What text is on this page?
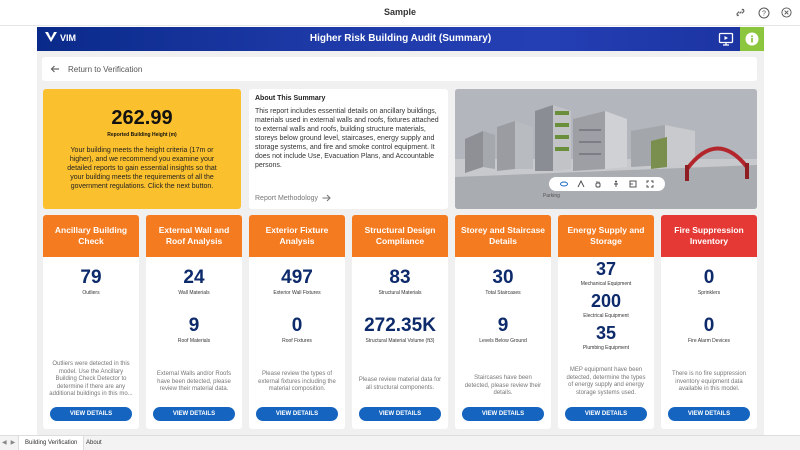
Sample	?
VIM	Higher Risk Building Audit (Summary)
Return to Verification
262.99
Reported Building Height (m)
Your building meets the height criteria (17m or higher), and we recommend you examine your detailed reports to gain essential insights so that your building meets the requirements of all the government regulations. Click the next button.
About This Summary
This report includes essential details on ancillary buildings, materials used in external walls and roofs, fixtures attached to external walls and roofs, building structure materials, storeys below ground level, staircases, energy supply and storage systems, and fire and smoke control equipment. It does not include Use, Evacuation Plans, and Accountable persons.
Report Methodology	Parking
Ancillary Building Check
79
Outliers
Outliers were detected in this model. Use the Ancillary Building Check Detector to determine if there are any additional buildings in this mo...
VIEW DETAILS
External Wall and Roof Analysis
24
Wall Materials
9
Roof Materials
External Walls and/or Roofs have been detected, please review their material data.
VIEW DETAILS
Exterior Fixture Analysis
497
Exterior Wall Fixtures
0
Roof Fixtures
Please review the types of external fixtures including the material composition.
VIEW DETAILS
Structural Design Compliance
83
Structural Materials
272.35K
Structural Material Volume (ft3)
Please review material data for all structural components.
VIEW DETAILS
Storey and Staircase Details
30
Total Staircases
9
Levels Below Ground
Staircases have been detected, please review their details.
VIEW DETAILS
Energy Supply and Storage
37
Mechanical Equipment
200
Electrical Equipment
35
Plumbing Equipment
MEP equipment have been detected, determine the types of energy supply and energy storage systems used.
VIEW DETAILS
Fire Suppression Inventory
0
Sprinklers
0
Fire Alarm Devices
There is no fire suppression inventory equipment data available in this model.
VIEW DETAILS
◀ ▶	Building Verification	About
